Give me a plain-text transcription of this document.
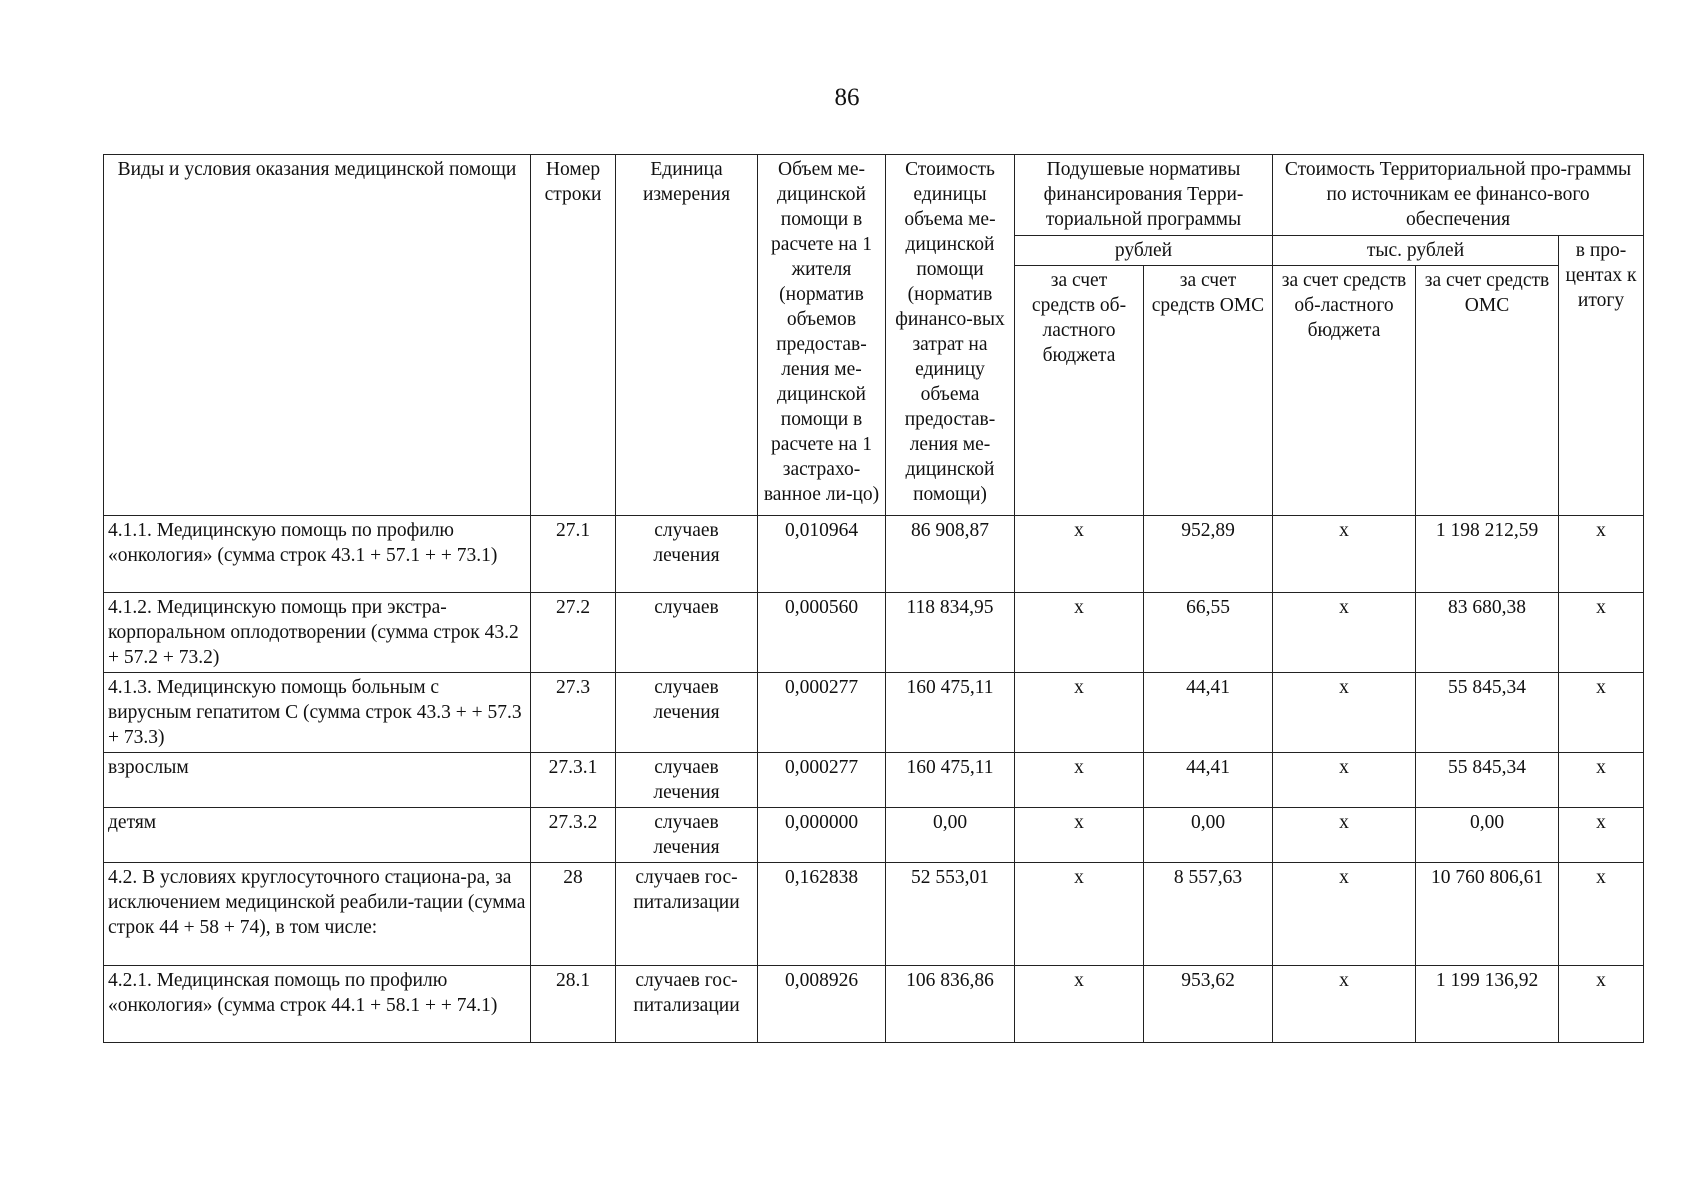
86
Виды и условия оказания медицинской помощи	Номер строки	Единица измерения	Объем ме-дицинской помощи в расчете на 1 жителя (норматив объемов предостав-ления ме-дицинской помощи в расчете на 1 застрахо-ванное ли-цо)	Стоимость единицы объема ме-дицинской помощи (норматив финансо-вых затрат на единицу объема предостав-ления ме-дицинской помощи)	Подушевые нормативы финансирования Терри-ториальной программы		Стоимость Территориальной про-граммы по источникам ее финансо-вого обеспечения		
					рублей		тыс. рублей		в про-центах к итогу
					за счет средств об-ластного бюджета	за счет средств ОМС	за счет средств об-ластного бюджета	за счет средств ОМС	
4.1.1. Медицинскую помощь по профилю «онкология» (сумма строк 43.1 + 57.1 + + 73.1)	27.1	случаев лечения	0,010964	86 908,87	х	952,89	х	1 198 212,59	х
4.1.2. Медицинскую помощь при экстра-корпоральном оплодотворении (сумма строк 43.2 + 57.2 + 73.2)	27.2	случаев	0,000560	118 834,95	х	66,55	х	83 680,38	х
4.1.3. Медицинскую помощь больным с вирусным гепатитом С (сумма строк 43.3 + + 57.3 + 73.3)	27.3	случаев лечения	0,000277	160 475,11	х	44,41	х	55 845,34	х
взрослым	27.3.1	случаев лечения	0,000277	160 475,11	х	44,41	х	55 845,34	х
детям	27.3.2	случаев лечения	0,000000	0,00	х	0,00	х	0,00	х
4.2. В условиях круглосуточного стациона-ра, за исключением медицинской реабили-тации (сумма строк 44 + 58 + 74), в том числе:	28	случаев гос-питализации	0,162838	52 553,01	х	8 557,63	х	10 760 806,61	х
4.2.1. Медицинская помощь по профилю «онкология» (сумма строк 44.1 + 58.1 + + 74.1)	28.1	случаев гос-питализации	0,008926	106 836,86	х	953,62	х	1 199 136,92	х
